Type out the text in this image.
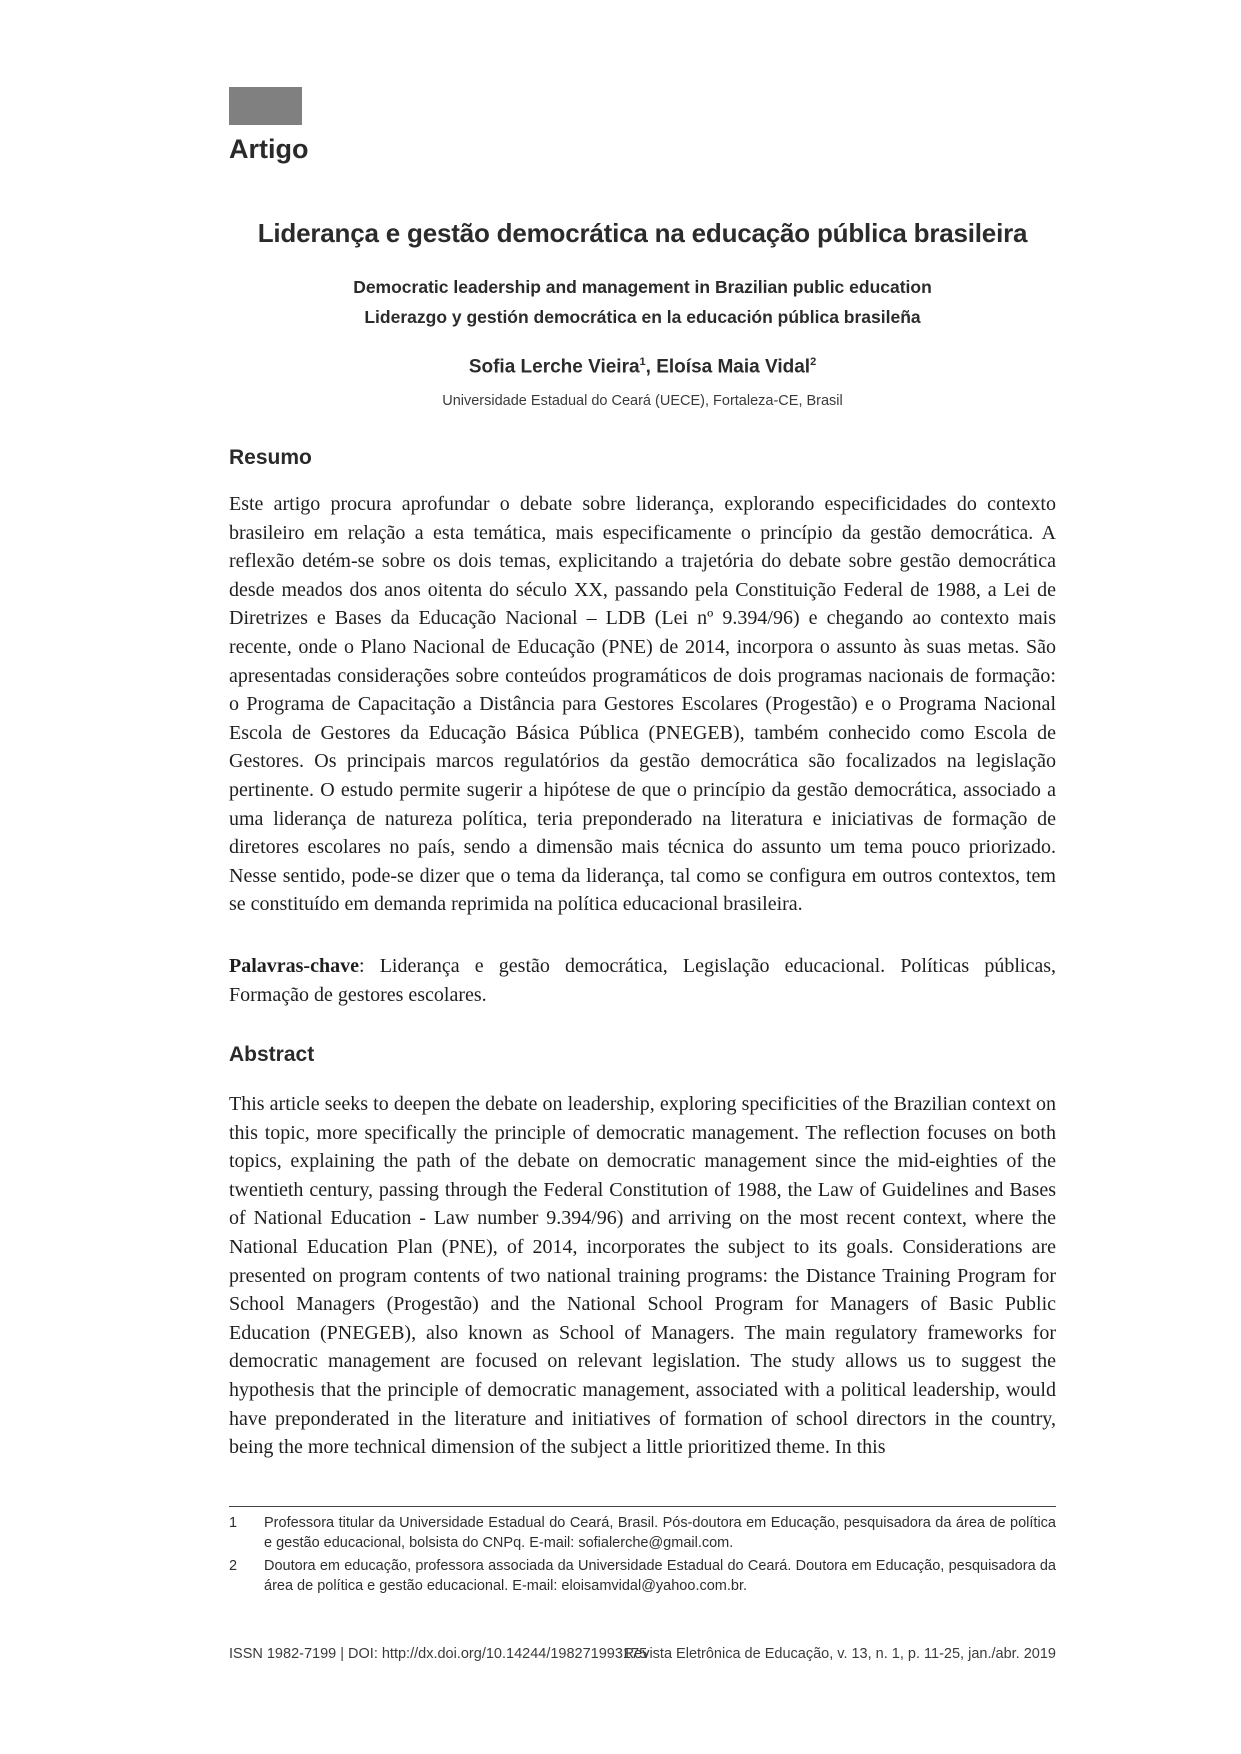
Artigo
Liderança e gestão democrática na educação pública brasileira
Democratic leadership and management in Brazilian public education
Liderazgo y gestión democrática en la educación pública brasileña
Sofia Lerche Vieira$^1$, Eloísa Maia Vidal$^2$
Universidade Estadual do Ceará (UECE), Fortaleza-CE, Brasil
Resumo

Este artigo procura aprofundar o debate sobre liderança, explorando especificidades do contexto brasileiro em relação a esta temática, mais especificamente o princípio da gestão democrática. A reflexão detém-se sobre os dois temas, explicitando a trajetória do debate sobre gestão democrática desde meados dos anos oitenta do século XX, passando pela Constituição Federal de 1988, a Lei de Diretrizes e Bases da Educação Nacional – LDB (Lei nº 9.394/96) e chegando ao contexto mais recente, onde o Plano Nacional de Educação (PNE) de 2014, incorpora o assunto às suas metas. São apresentadas considerações sobre conteúdos programáticos de dois programas nacionais de formação: o Programa de Capacitação a Distância para Gestores Escolares (Progestão) e o Programa Nacional Escola de Gestores da Educação Básica Pública (PNEGEB), também conhecido como Escola de Gestores. Os principais marcos regulatórios da gestão democrática são focalizados na legislação pertinente. O estudo permite sugerir a hipótese de que o princípio da gestão democrática, associado a uma liderança de natureza política, teria preponderado na literatura e iniciativas de formação de diretores escolares no país, sendo a dimensão mais técnica do assunto um tema pouco priorizado. Nesse sentido, pode-se dizer que o tema da liderança, tal como se configura em outros contextos, tem se constituído em demanda reprimida na política educacional brasileira.

Palavras-chave: Liderança e gestão democrática, Legislação educacional. Políticas públicas, Formação de gestores escolares.

Abstract

This article seeks to deepen the debate on leadership, exploring specificities of the Brazilian context on this topic, more specifically the principle of democratic management. The reflection focuses on both topics, explaining the path of the debate on democratic management since the mid-eighties of the twentieth century, passing through the Federal Constitution of 1988, the Law of Guidelines and Bases of National Education - Law number 9.394/96) and arriving on the most recent context, where the National Education Plan (PNE), of 2014, incorporates the subject to its goals. Considerations are presented on program contents of two national training programs: the Distance Training Program for School Managers (Progestão) and the National School Program for Managers of Basic Public Education (PNEGEB), also known as School of Managers. The main regulatory frameworks for democratic management are focused on relevant legislation. The study allows us to suggest the hypothesis that the principle of democratic management, associated with a political leadership, would have preponderated in the literature and initiatives of formation of school directors in the country, being the more technical dimension of the subject a little prioritized theme. In this

1	Professora titular da Universidade Estadual do Ceará, Brasil. Pós-doutora em Educação, pesquisadora da área de política e gestão educacional, bolsista do CNPq. E-mail: sofialerche@gmail.com.
2	Doutora em educação, professora associada da Universidade Estadual do Ceará. Doutora em Educação, pesquisadora da área de política e gestão educacional. E-mail: eloisamvidal@yahoo.com.br.
ISSN 1982-7199 | DOI: http://dx.doi.org/10.14244/198271993175
Revista Eletrônica de Educação, v. 13, n. 1, p. 11-25, jan./abr. 2019
